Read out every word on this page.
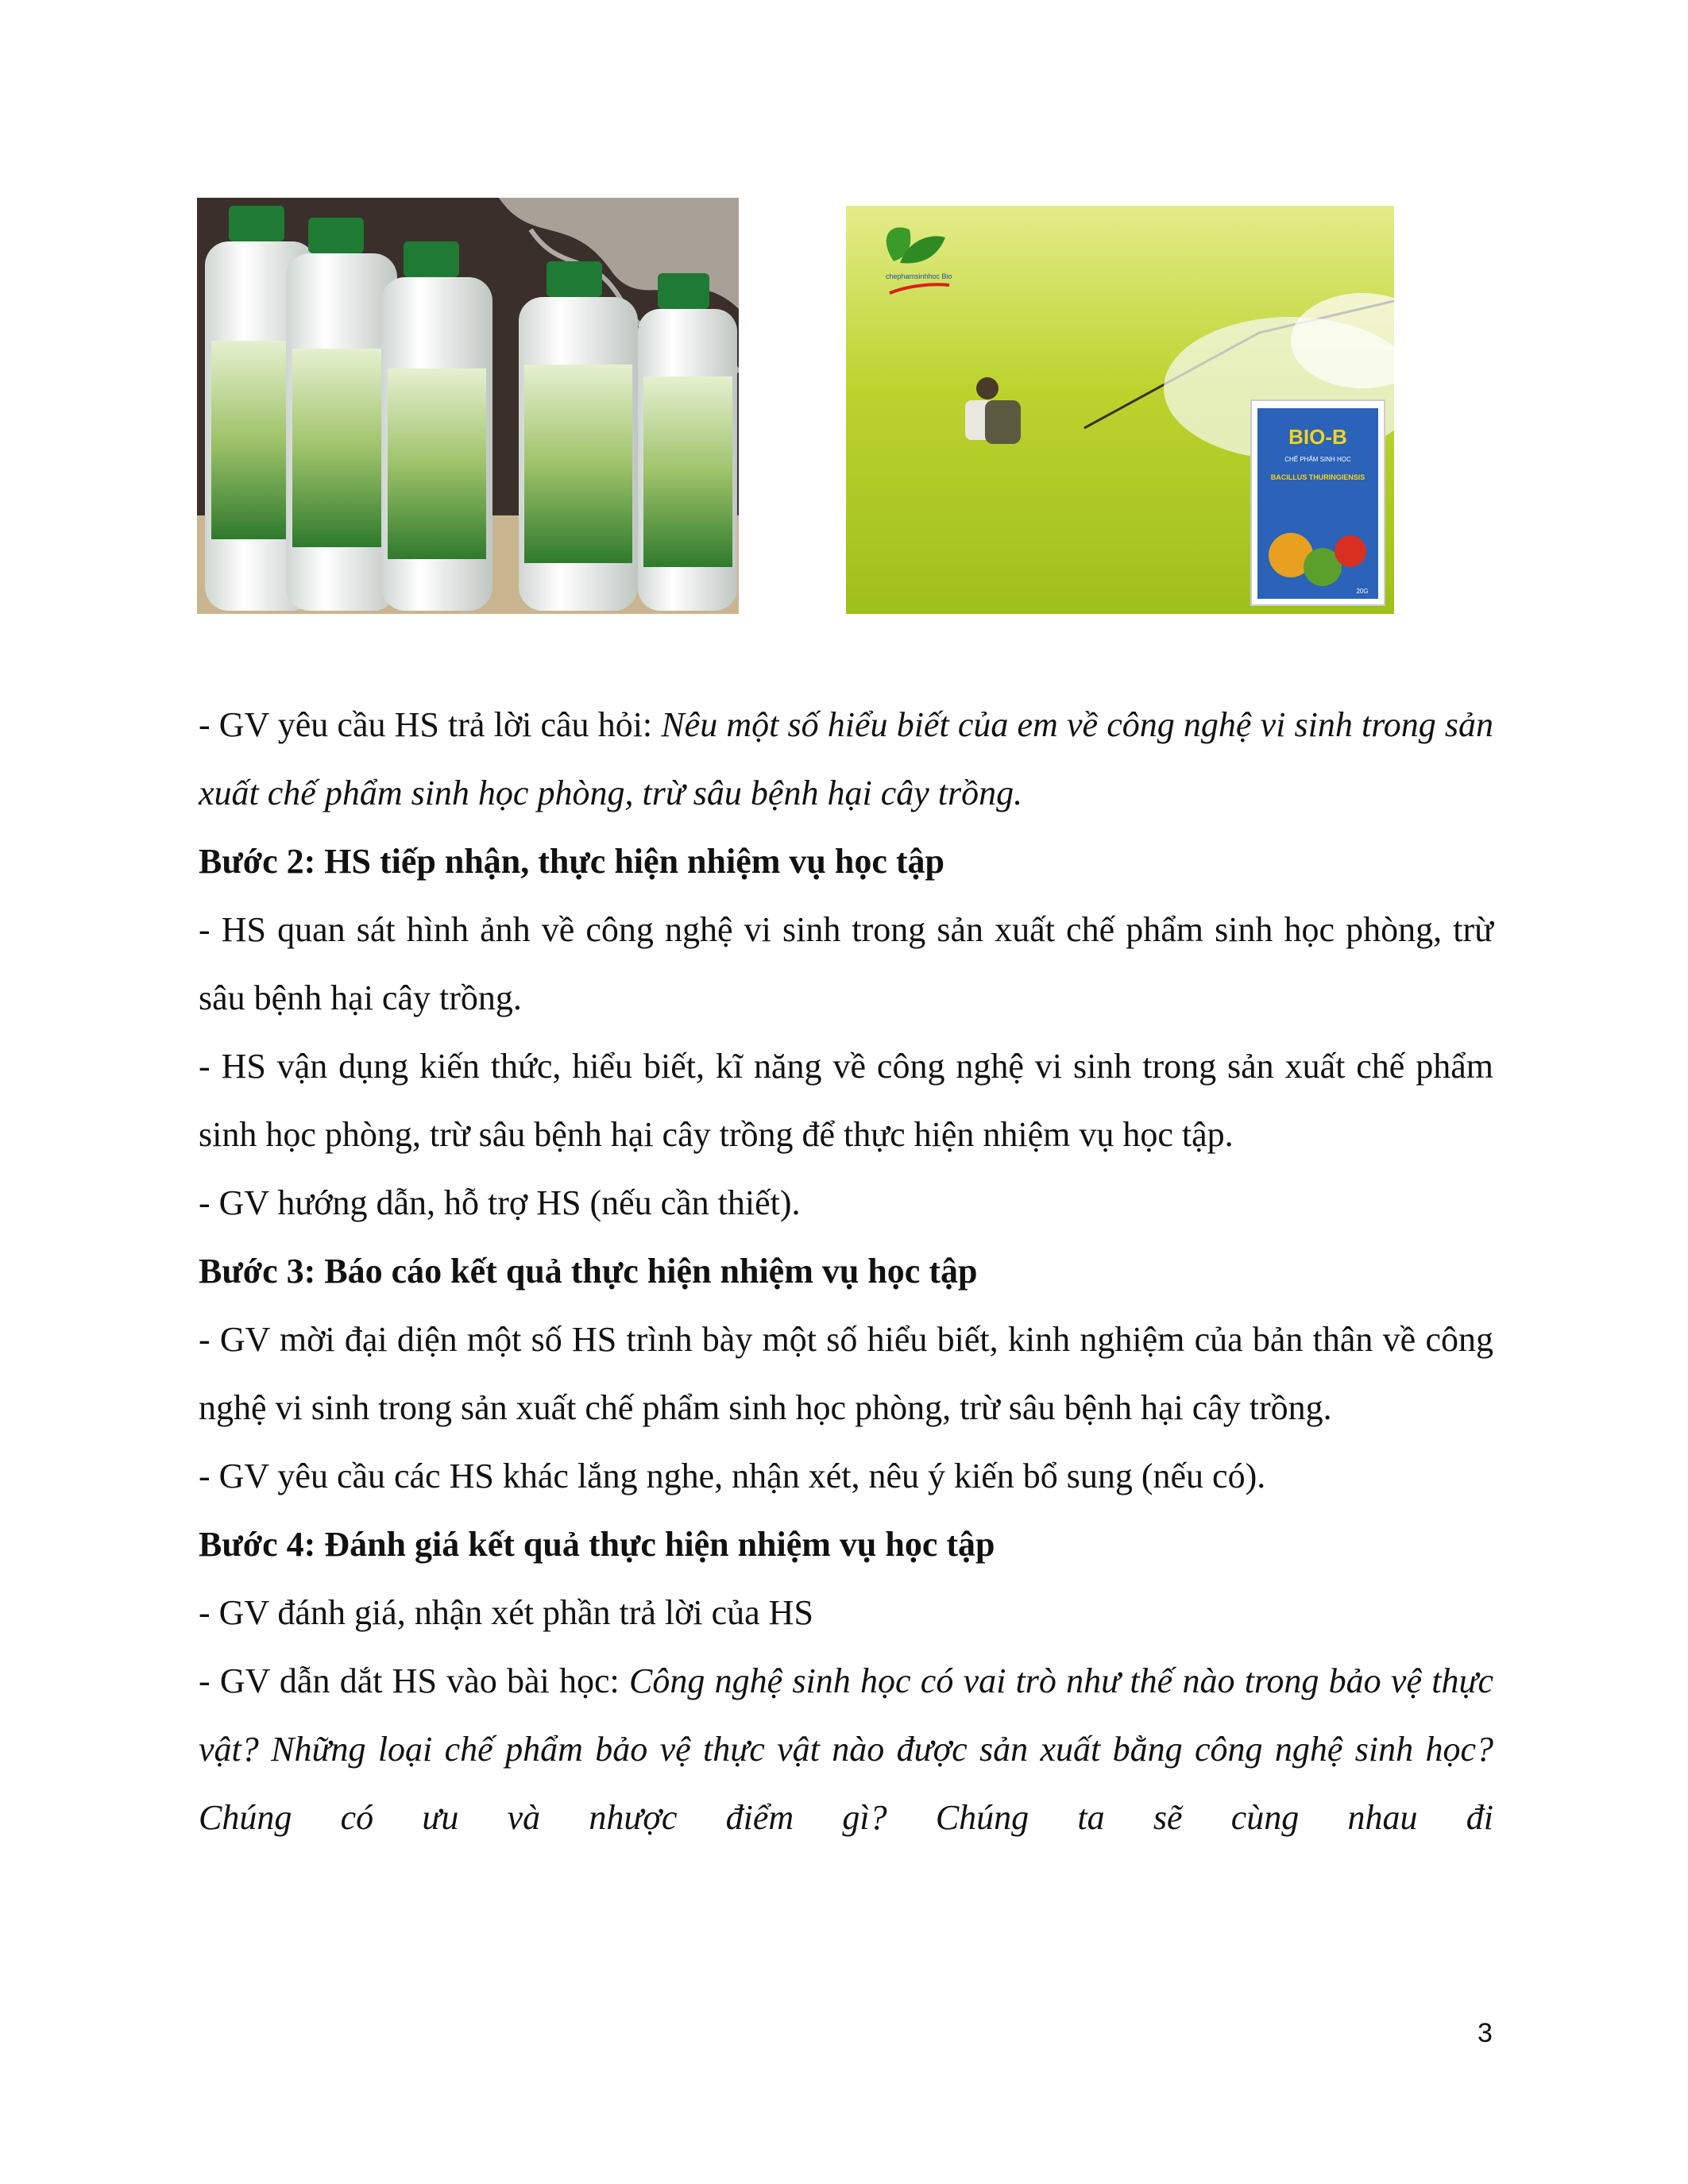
chephamsinhhoc Bio
BIO-B
CHẾ PHẨM SINH HỌC
BACILLUS THURINGIENSIS
20G

- GV yêu cầu HS trả lời câu hỏi: Nêu một số hiểu biết của em về công nghệ vi sinh trong sản xuất chế phẩm sinh học phòng, trừ sâu bệnh hại cây trồng.

Bước 2: HS tiếp nhận, thực hiện nhiệm vụ học tập

- HS quan sát hình ảnh về công nghệ vi sinh trong sản xuất chế phẩm sinh học phòng, trừ sâu bệnh hại cây trồng.

- HS vận dụng kiến thức, hiểu biết, kĩ năng về công nghệ vi sinh trong sản xuất chế phẩm sinh học phòng, trừ sâu bệnh hại cây trồng để thực hiện nhiệm vụ học tập.

- GV hướng dẫn, hỗ trợ HS (nếu cần thiết).

Bước 3: Báo cáo kết quả thực hiện nhiệm vụ học tập

- GV mời đại diện một số HS trình bày một số hiểu biết, kinh nghiệm của bản thân về công nghệ vi sinh trong sản xuất chế phẩm sinh học phòng, trừ sâu bệnh hại cây trồng.

- GV yêu cầu các HS khác lắng nghe, nhận xét, nêu ý kiến bổ sung (nếu có).

Bước 4: Đánh giá kết quả thực hiện nhiệm vụ học tập

- GV đánh giá, nhận xét phần trả lời của HS

- GV dẫn dắt HS vào bài học: Công nghệ sinh học có vai trò như thế nào trong bảo vệ thực vật? Những loại chế phẩm bảo vệ thực vật nào được sản xuất bằng công nghệ sinh học? Chúng có ưu và nhược điểm gì? Chúng ta sẽ cùng nhau đi

3
